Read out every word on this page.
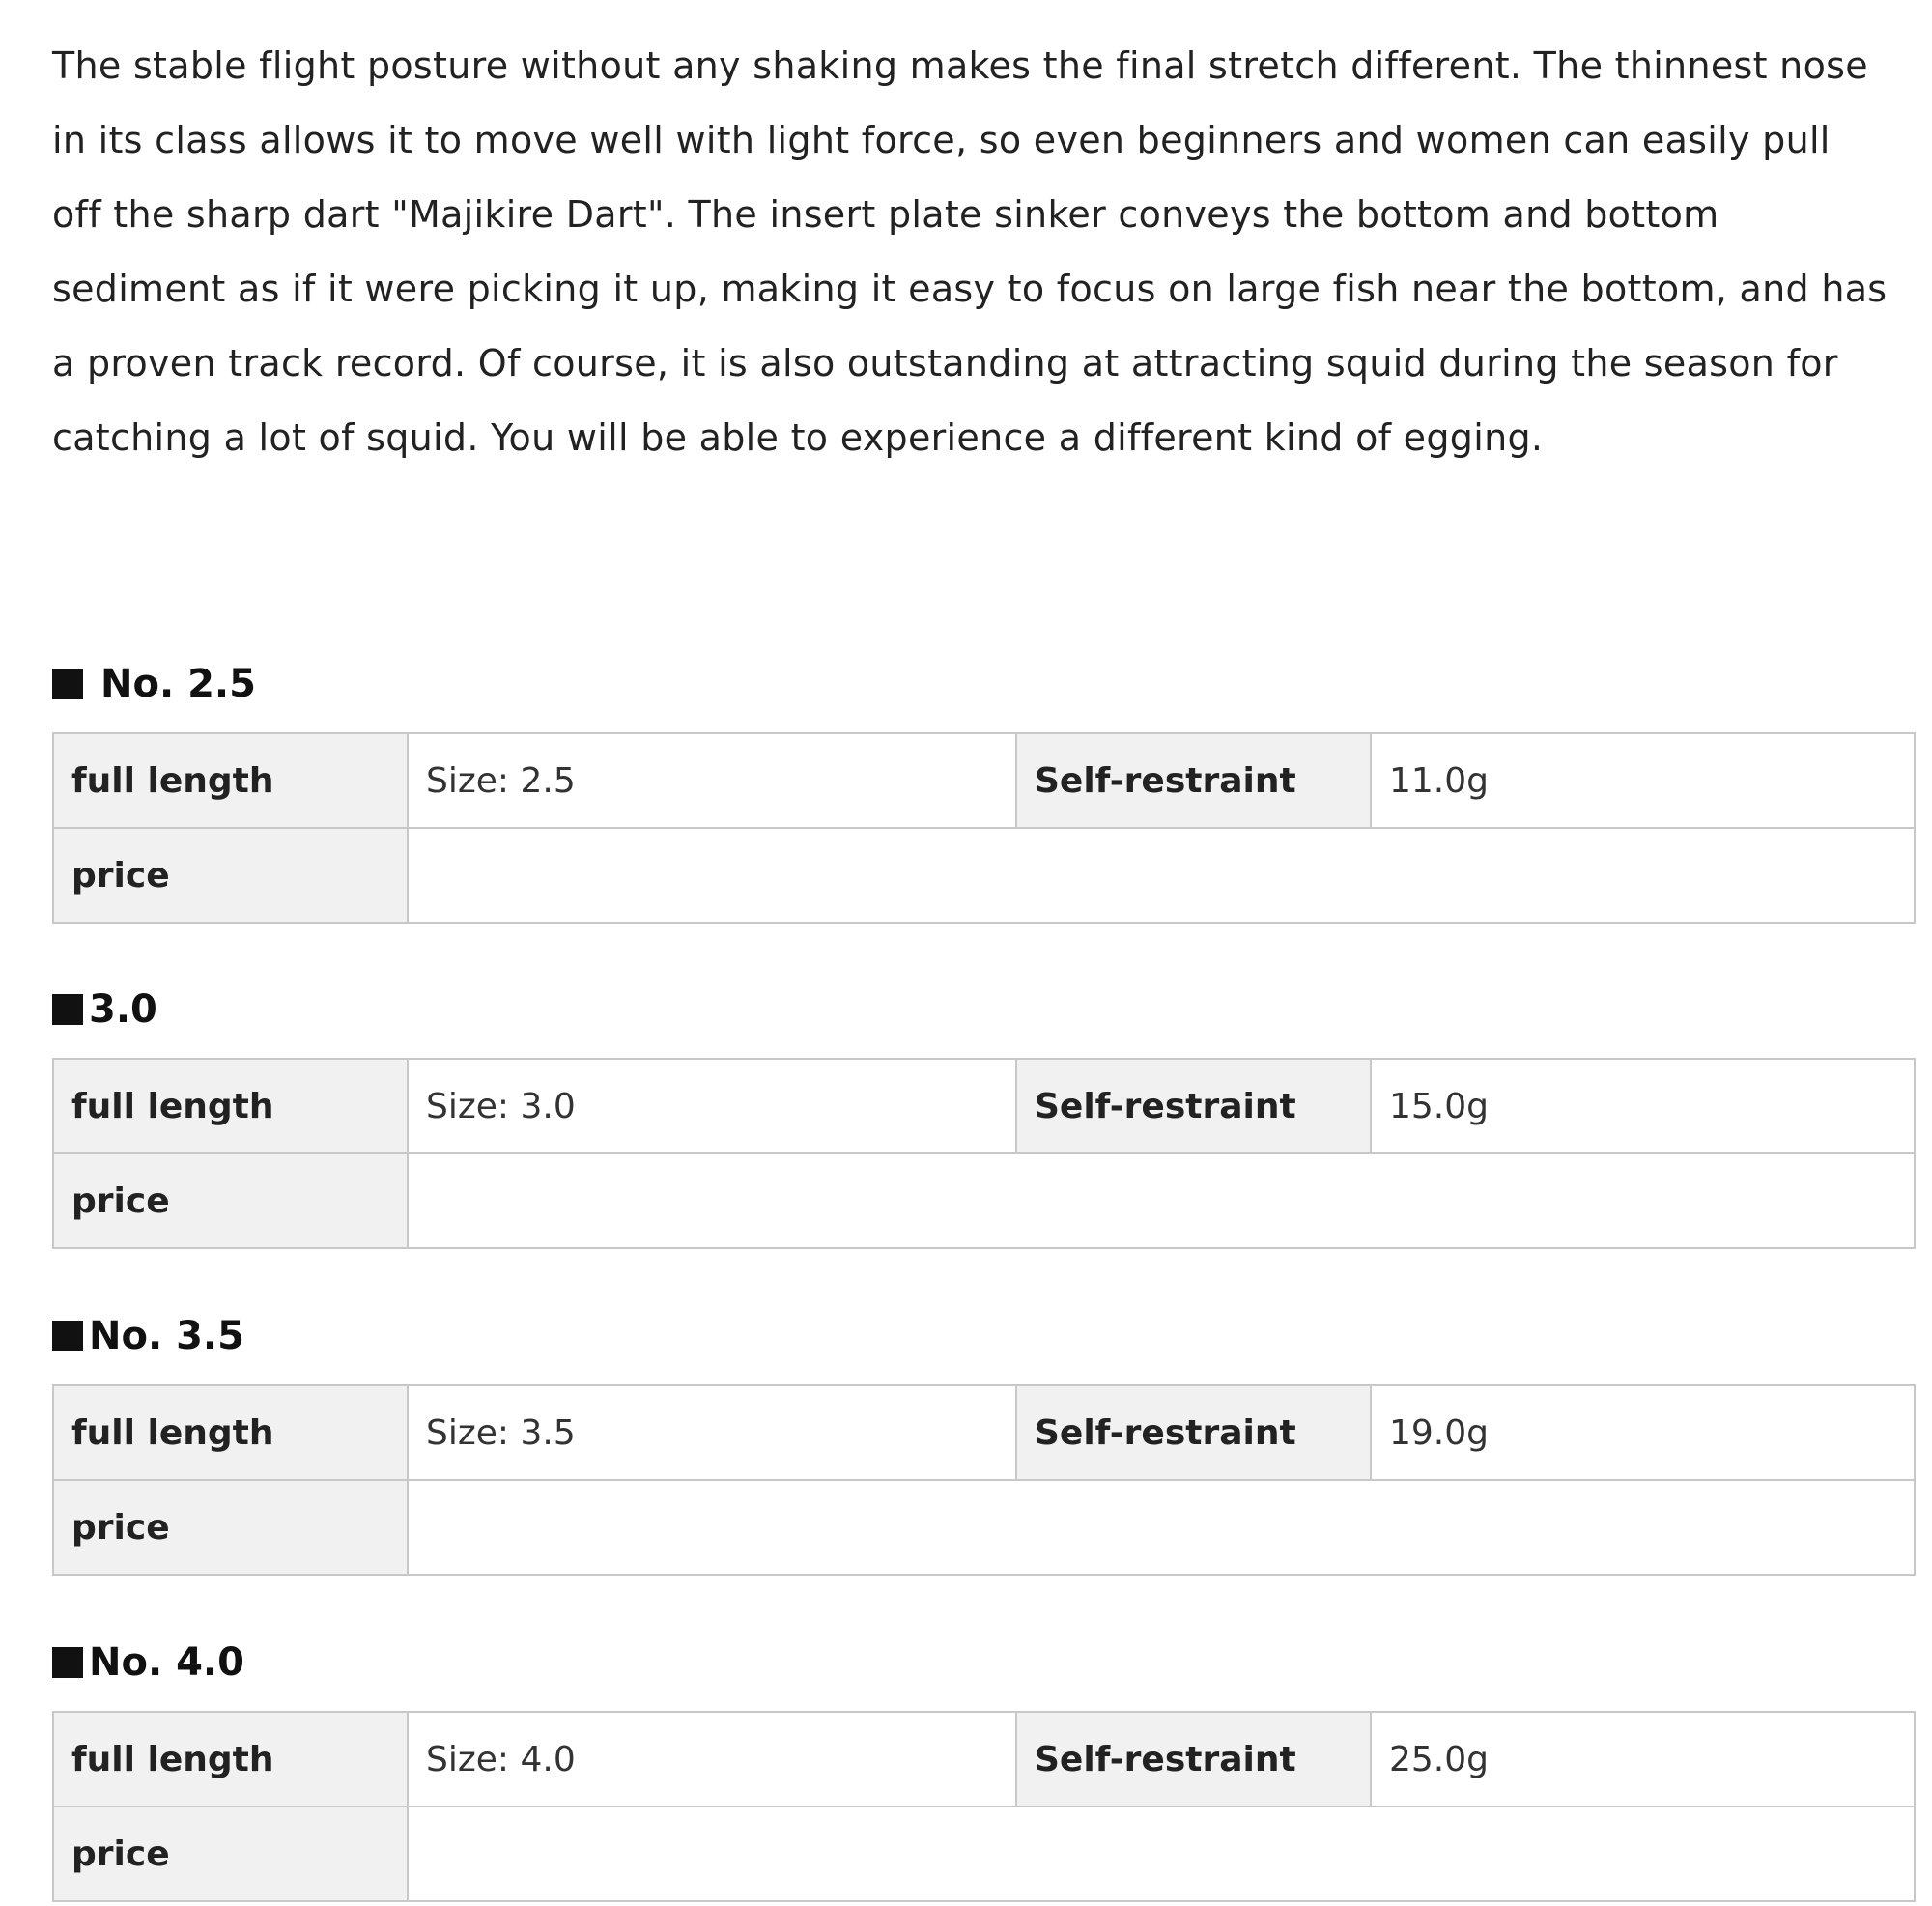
The stable flight posture without any shaking makes the final stretch different. The thinnest nose
in its class allows it to move well with light force, so even beginners and women can easily pull
off the sharp dart "Majikire Dart". The insert plate sinker conveys the bottom and bottom
sediment as if it were picking it up, making it easy to focus on large fish near the bottom, and has
a proven track record. Of course, it is also outstanding at attracting squid during the season for
catching a lot of squid. You will be able to experience a different kind of egging.

No. 2.5
full length	Size: 2.5	Self-restraint	11.0g
price			
3.0
full length	Size: 3.0	Self-restraint	15.0g
price			
No. 3.5
full length	Size: 3.5	Self-restraint	19.0g
price			
No. 4.0
full length	Size: 4.0	Self-restraint	25.0g
price			
